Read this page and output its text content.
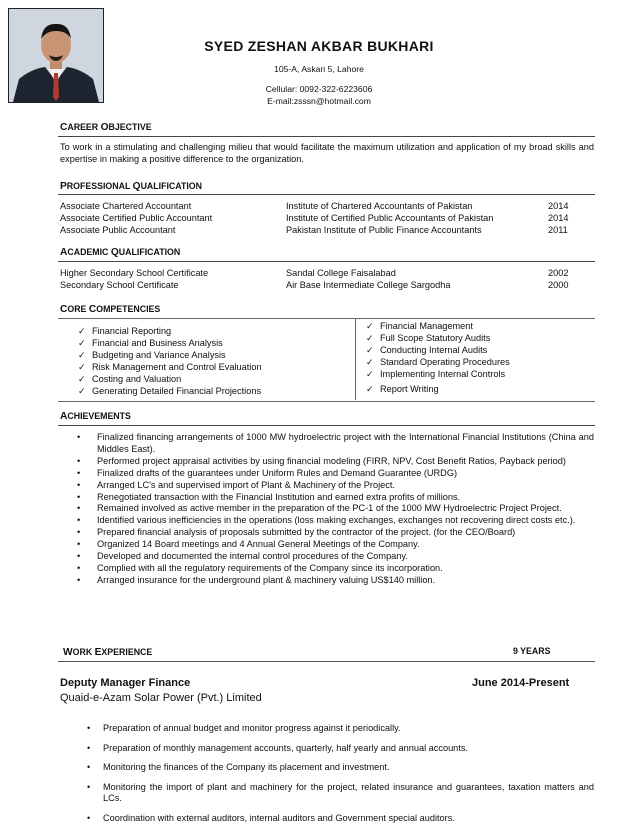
SYED ZESHAN AKBAR BUKHARI
105-A, Askari 5, Lahore
Cellular: 0092-322-6223606
E-mail:zsssn@hotmail.com
CAREER OBJECTIVE
To work in a stimulating and challenging milieu that would facilitate the maximum utilization and application of my broad skills and expertise in making a positive difference to the organization.
PROFESSIONAL QUALIFICATION
Associate Chartered Accountant	Institute of Chartered Accountants of Pakistan	2014
Associate Certified Public Accountant	Institute of Certified Public Accountants of Pakistan	2014
Associate Public Accountant	Pakistan Institute of Public Finance Accountants	2011
ACADEMIC QUALIFICATION
Higher Secondary School Certificate	Sandal College Faisalabad	2002
Secondary School Certificate	Air Base Intermediate College Sargodha	2000
CORE COMPETENCIES
✓ Financial Reporting
✓ Financial and Business Analysis
✓ Budgeting and Variance Analysis
✓ Risk Management and Control Evaluation
✓ Costing and Valuation
✓ Generating Detailed Financial Projections
✓ Financial Management
✓ Full Scope Statutory Audits
✓ Conducting Internal Audits
✓ Standard Operating Procedures
✓ Implementing Internal Controls
✓ Report Writing
ACHIEVEMENTS
• Finalized financing arrangements of 1000 MW hydroelectric project with the International Financial Institutions (China and Middles East).
• Performed project appraisal activities by using financial modeling (FIRR, NPV, Cost Benefit Ratios, Payback period)
• Finalized drafts of the guarantees under Uniform Rules and Demand Guarantee (URDG)
• Arranged LC's and supervised import of Plant & Machinery of the Project.
• Renegotiated transaction with the Financial Institution and earned extra profits of millions.
• Remained involved as active member in the preparation of the PC-1 of the 1000 MW Hydroelectric Project Project.
• Identified various inefficiencies in the operations (loss making exchanges, exchanges not recovering direct costs etc.).
• Prepared financial analysis of proposals submitted by the contractor of the project. (for the CEO/Board)
• Organized 14 Board meetings and 4 Annual General Meetings of the Company.
• Developed and documented the internal control procedures of the Company.
• Complied with all the regulatory requirements of the Company since its incorporation.
• Arranged insurance for the underground plant & machinery valuing US$140 million.
WORK EXPERIENCE	9 YEARS
Deputy Manager Finance	June 2014-Present
Quaid-e-Azam Solar Power (Pvt.) Limited
• Preparation of annual budget and monitor progress against it periodically.
• Preparation of monthly management accounts, quarterly, half yearly and annual accounts.
• Monitoring the finances of the Company its placement and investment.
• Monitoring the import of plant and machinery for the project, related insurance and guarantees, taxation matters and LCs.
• Coordination with external auditors, internal auditors and Government special auditors.
